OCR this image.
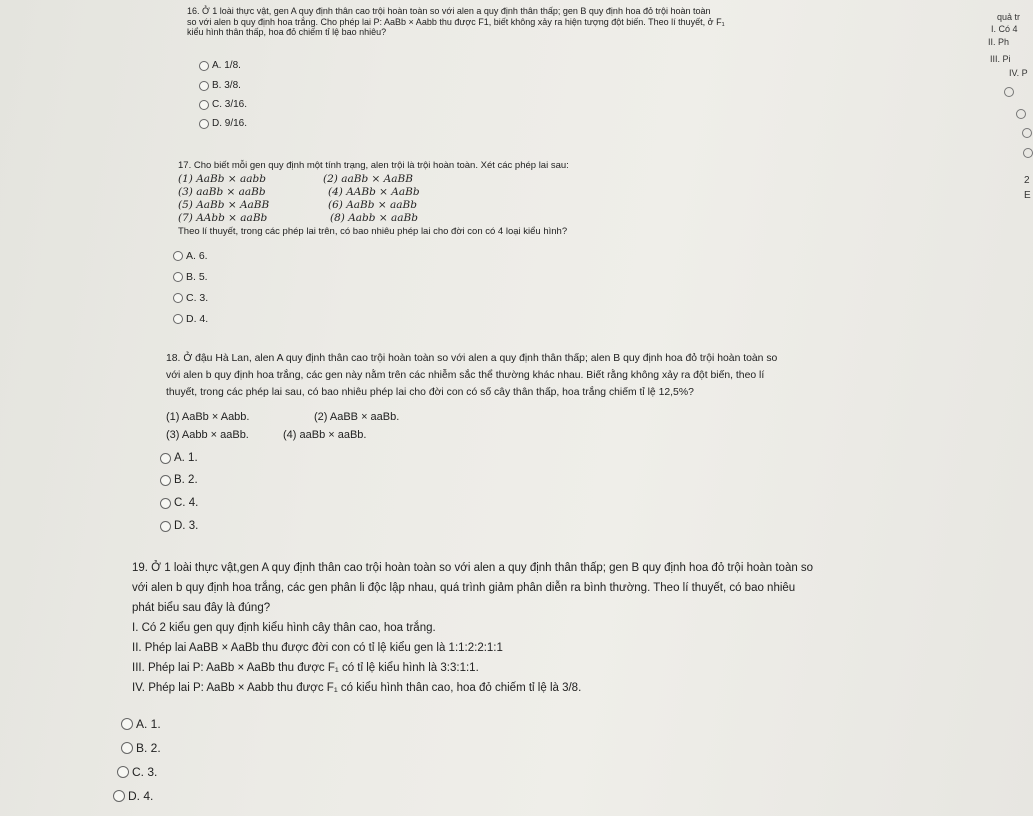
16. Ở 1 loài thực vật, gen A quy định thân cao trội hoàn toàn so với alen a quy định thân thấp; gen B quy định hoa đỏ trội hoàn toàn
so với alen b quy định hoa trắng. Cho phép lai P: AaBb × Aabb thu được F1, biết không xảy ra hiện tượng đột biến. Theo lí thuyết, ở F₁
kiểu hình thân thấp, hoa đỏ chiếm tỉ lệ bao nhiêu?
A. 1/8.
B. 3/8.
C. 3/16.
D. 9/16.
17. Cho biết mỗi gen quy định một tính trạng, alen trội là trội hoàn toàn. Xét các phép lai sau:
(1) AaBb × aabb	(2) aaBb × AaBB
(3) aaBb × aaBb	(4) AABb × AaBb
(5) AaBb × AaBB	(6) AaBb × aaBb
(7) AAbb × aaBb	(8) Aabb × aaBb
Theo lí thuyết, trong các phép lai trên, có bao nhiêu phép lai cho đời con có 4 loại kiểu hình?
A. 6.
B. 5.
C. 3.
D. 4.
18. Ở đậu Hà Lan, alen A quy định thân cao trội hoàn toàn so với alen a quy định thân thấp; alen B quy định hoa đỏ trội hoàn toàn so
với alen b quy định hoa trắng, các gen này nằm trên các nhiễm sắc thể thường khác nhau. Biết rằng không xảy ra đột biến, theo lí
thuyết, trong các phép lai sau, có bao nhiêu phép lai cho đời con có số cây thân thấp, hoa trắng chiếm tỉ lệ 12,5%?
(1) AaBb × Aabb.	(2) AaBB × aaBb.
(3) Aabb × aaBb.	(4) aaBb × aaBb.
A. 1.
B. 2.
C. 4.
D. 3.
19. Ở 1 loài thực vật,gen A quy định thân cao trội hoàn toàn so với alen a quy định thân thấp; gen B quy định hoa đỏ trội hoàn toàn so
với alen b quy định hoa trắng, các gen phân li độc lập nhau, quá trình giảm phân diễn ra bình thường. Theo lí thuyết, có bao nhiêu
phát biểu sau đây là đúng?
I. Có 2 kiểu gen quy định kiểu hình cây thân cao, hoa trắng.
II. Phép lai AaBB × AaBb thu được đời con có tỉ lệ kiểu gen là 1:1:2:2:1:1
III. Phép lai P: AaBb × AaBb thu được F₁ có tỉ lệ kiểu hình là 3:3:1:1.
IV. Phép lai P: AaBb × Aabb thu được F₁ có kiểu hình thân cao, hoa đỏ chiếm tỉ lệ là 3/8.
A. 1.
B. 2.
C. 3.
D. 4.
quả tr
I. Có 4
II. Ph
III. Pi
IV. P
2
E
